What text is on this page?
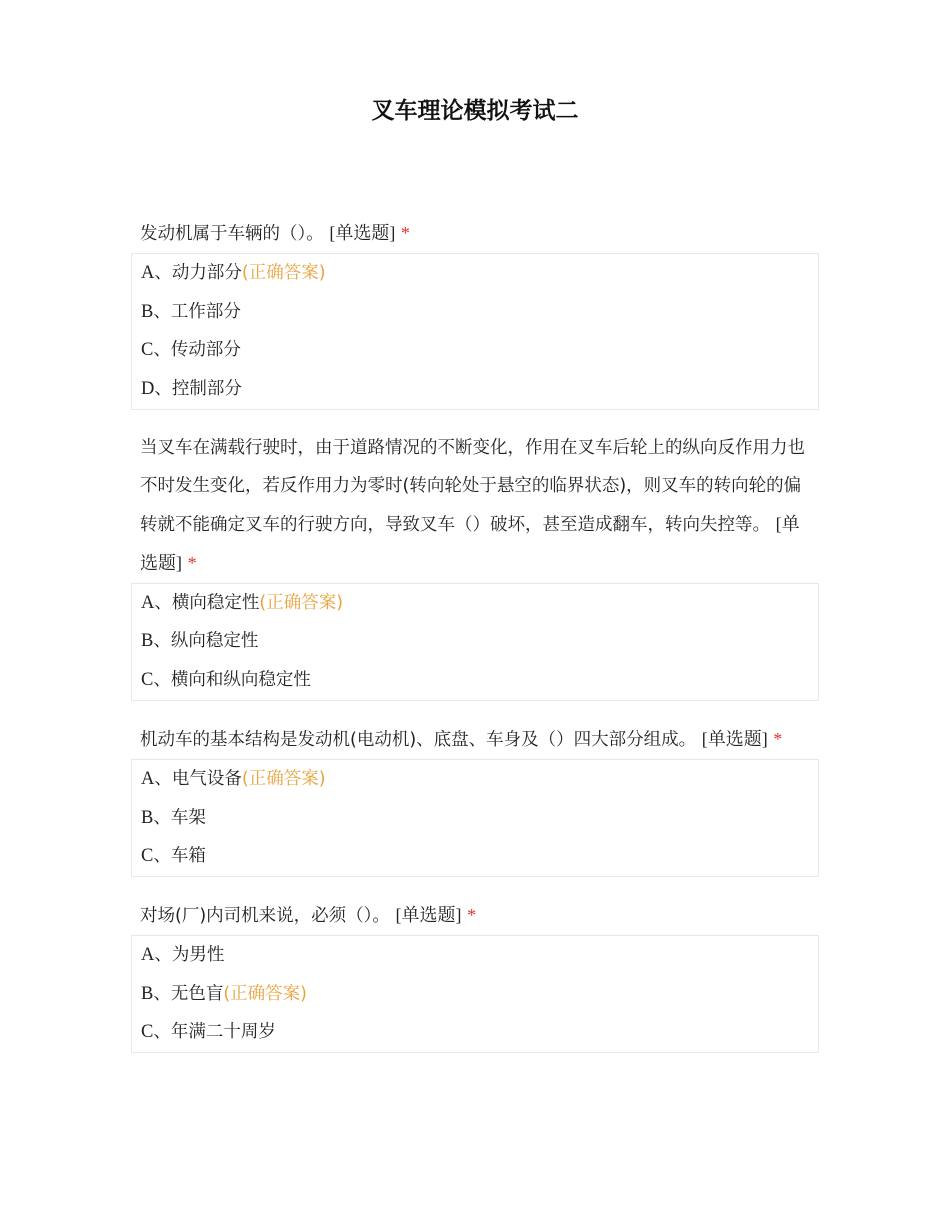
叉车理论模拟考试二
发动机属于车辆的（）。 [单选题] *
A、动力部分(正确答案)
B、工作部分
C、传动部分
D、控制部分
当叉车在满载行驶时，由于道路情况的不断变化，作用在叉车后轮上的纵向反作用力也不时发生变化，若反作用力为零时(转向轮处于悬空的临界状态)，则叉车的转向轮的偏转就不能确定叉车的行驶方向，导致叉车（）破坏，甚至造成翻车，转向失控等。 [单选题] *
A、横向稳定性(正确答案)
B、纵向稳定性
C、横向和纵向稳定性
机动车的基本结构是发动机(电动机)、底盘、车身及（）四大部分组成。 [单选题] *
A、电气设备(正确答案)
B、车架
C、车箱
对场(厂)内司机来说，必须（）。 [单选题] *
A、为男性
B、无色盲(正确答案)
C、年满二十周岁
